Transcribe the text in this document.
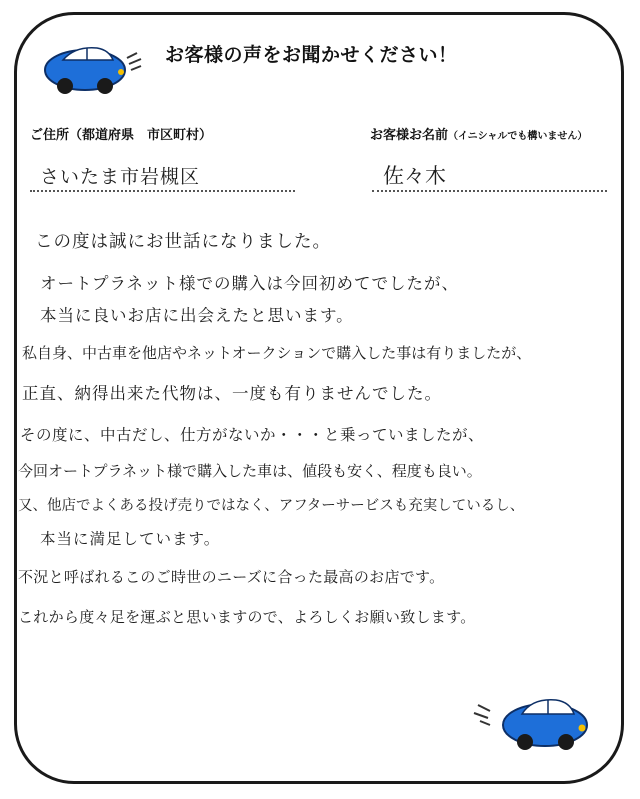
お客様の声をお聞かせください！
ご住所（都道府県　市区町村）	お客様お名前（イニシャルでも構いません）
さいたま市岩槻区	佐々木
この度は誠にお世話になりました。
オートプラネット様での購入は今回初めてでしたが、
本当に良いお店に出会えたと思います。
私自身、中古車を他店やネットオークションで購入した事は有りましたが、
正直、納得出来た代物は、一度も有りませんでした。
その度に、中古だし、仕方がないか・・・と乗っていましたが、
今回オートプラネット様で購入した車は、値段も安く、程度も良い。
又、他店でよくある投げ売りではなく、アフターサービスも充実しているし、
本当に満足しています。
不況と呼ばれるこのご時世のニーズに合った最高のお店です。
これから度々足を運ぶと思いますので、よろしくお願い致します。
